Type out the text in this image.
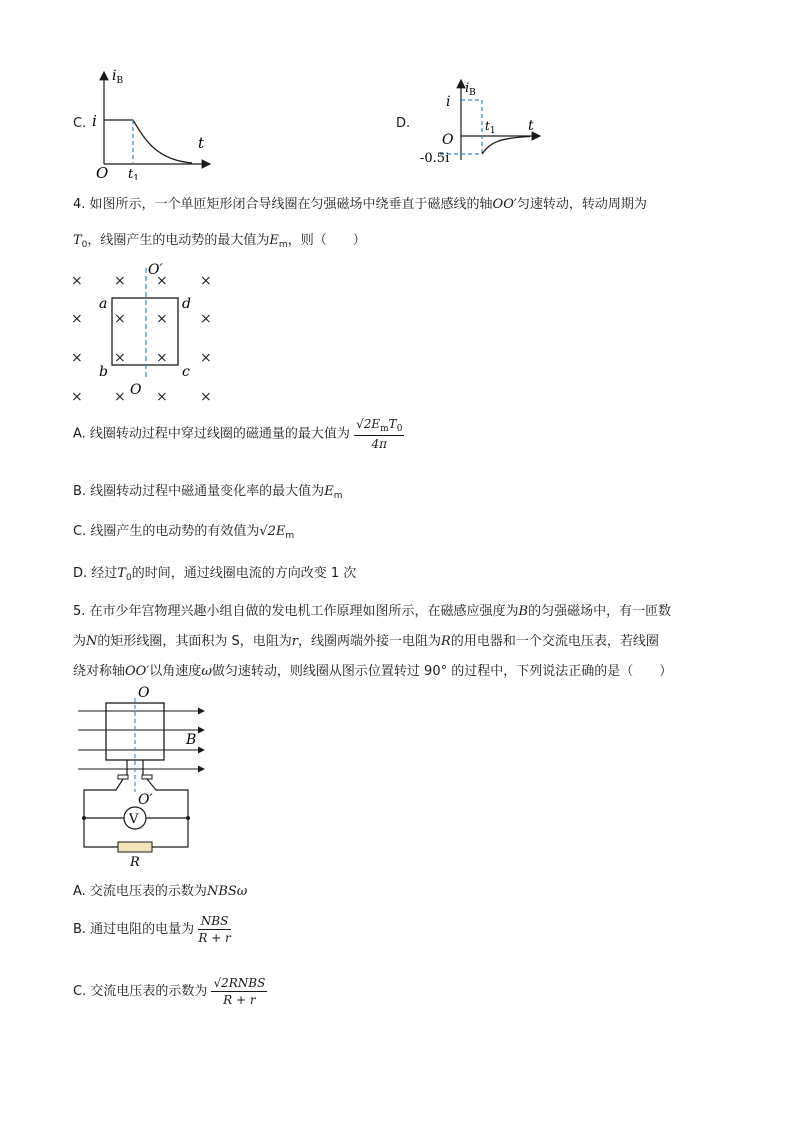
C.
$i_B$
i
t
O $t_1$
D.
$i_B$
i
t
O
-0.5i
$t_1$
4. 如图所示，一个单匝矩形闭合导线圈在匀强磁场中绕垂直于磁感线的轴OO′匀速转动，转动周期为
$T_0$，线圈产生的电动势的最大值为$E_m$，则（　　）
× × × ×
× × × ×
× × × ×
× × × ×
O′
O
a	d
b	c
A. 线圈转动过程中穿过线圈的磁通量的最大值为 $\frac{√2E_mT_0}{4\pi}$
B. 线圈转动过程中磁通量变化率的最大值为$E_m$
C. 线圈产生的电动势的有效值为$√2E_m$
D. 经过$T_0$的时间，通过线圈电流的方向改变 1 次
5. 在市少年宫物理兴趣小组自做的发电机工作原理如图所示，在磁感应强度为B的匀强磁场中，有一匝数
为N的矩形线圈，其面积为 S，电阻为r，线圈两端外接一电阻为R的用电器和一个交流电压表，若线圈
绕对称轴OO′以角速度ω做匀速转动，则线圈从图示位置转过 90° 的过程中，下列说法正确的是（　　）
O
B
O′
V
R
A. 交流电压表的示数为NBSω
B. 通过电阻的电量为 $\frac{\text{NBS}}{R + r}$
C. 交流电压表的示数为 $\frac{\text{√2RNBS}}{R + r}$
